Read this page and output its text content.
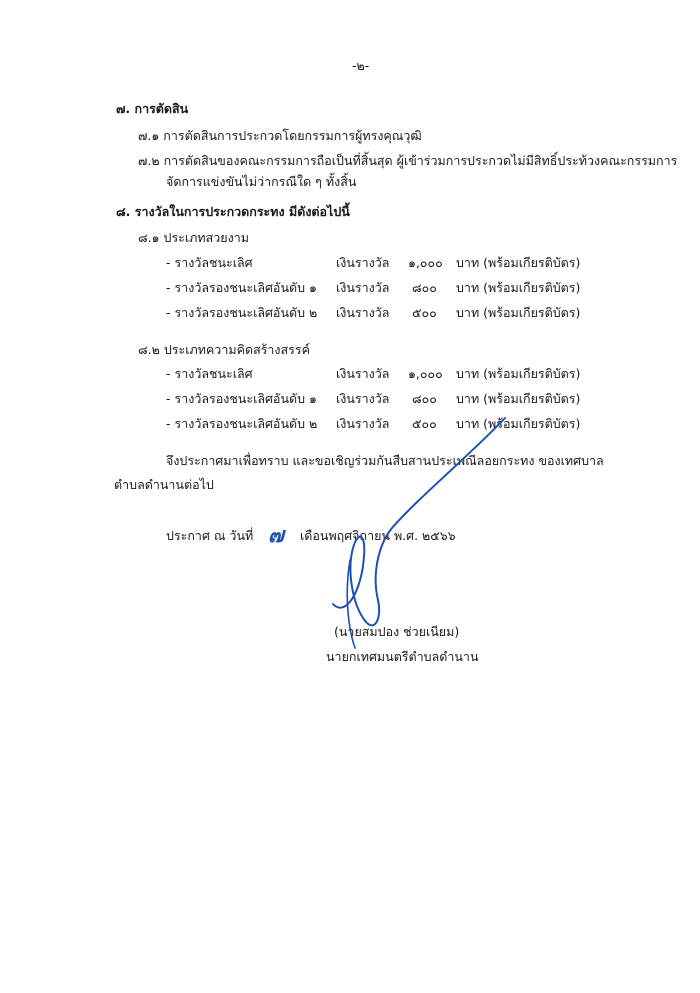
-๒-
๗. การตัดสิน
๗.๑ การตัดสินการประกวดโดยกรรมการผู้ทรงคุณวุฒิ
๗.๒ การตัดสินของคณะกรรมการถือเป็นที่สิ้นสุด ผู้เข้าร่วมการประกวดไม่มีสิทธิ์ประท้วงคณะกรรมการ
จัดการแข่งขันไม่ว่ากรณีใด ๆ ทั้งสิ้น
๘. รางวัลในการประกวดกระทง มีดังต่อไปนี้
๘.๑ ประเภทสวยงาม
- รางวัลชนะเลิศ	เงินรางวัล ๑,๐๐๐ บาท (พร้อมเกียรติบัตร)
- รางวัลรองชนะเลิศอันดับ ๑ เงินรางวัล ๘๐๐ บาท (พร้อมเกียรติบัตร)
- รางวัลรองชนะเลิศอันดับ ๒ เงินรางวัล ๕๐๐ บาท (พร้อมเกียรติบัตร)
๘.๒ ประเภทความคิดสร้างสรรค์
- รางวัลชนะเลิศ	เงินรางวัล ๑,๐๐๐ บาท (พร้อมเกียรติบัตร)
- รางวัลรองชนะเลิศอันดับ ๑ เงินรางวัล ๘๐๐ บาท (พร้อมเกียรติบัตร)
- รางวัลรองชนะเลิศอันดับ ๒ เงินรางวัล ๕๐๐ บาท (พร้อมเกียรติบัตร)
จึงประกาศมาเพื่อทราบ และขอเชิญร่วมกันสืบสานประเพณีลอยกระทง ของเทศบาล
ตำบลดำนานต่อไป
ประกาศ ณ วันที่ ๗ เดือนพฤศจิกายน พ.ศ. ๒๕๖๖
(นายสมปอง ช่วยเนียม)
นายกเทศมนตรีตำบลดำนาน
